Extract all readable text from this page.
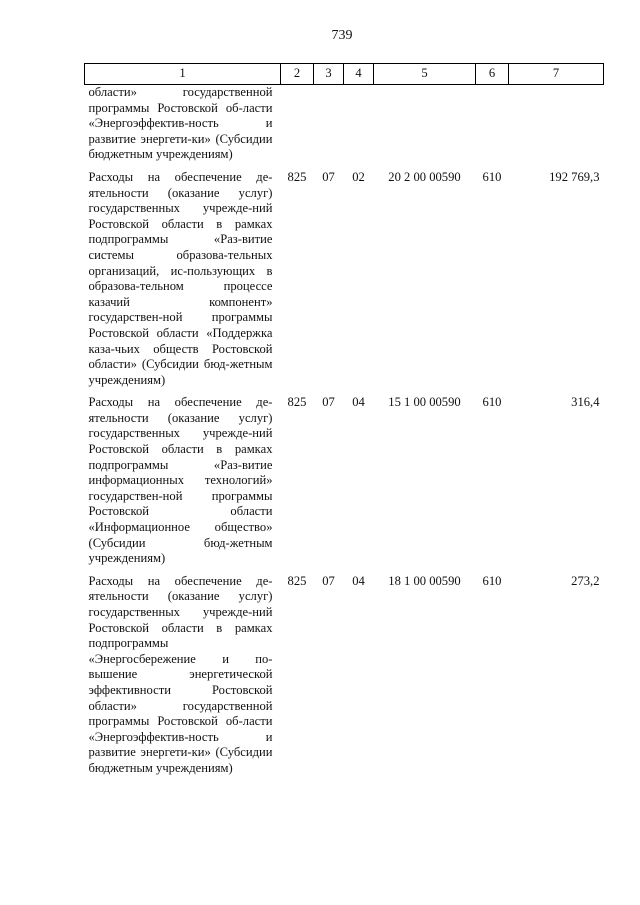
739
1	2	3	4	5	6	7
области» государственной программы Ростовской об-ласти «Энергоэффектив-ность и развитие энергети-ки» (Субсидии бюджетным учреждениям)						
Расходы на обеспечение де-ятельности (оказание услуг) государственных учрежде-ний Ростовской области в рамках подпрограммы «Раз-витие системы образова-тельных организаций, ис-пользующих в образова-тельном процессе казачий компонент» государствен-ной программы Ростовской области «Поддержка каза-чьих обществ Ростовской области» (Субсидии бюд-жетным учреждениям)	825	07	02	20 2 00 00590	610	192 769,3
Расходы на обеспечение де-ятельности (оказание услуг) государственных учрежде-ний Ростовской области в рамках подпрограммы «Раз-витие информационных технологий» государствен-ной программы Ростовской области «Информационное общество» (Субсидии бюд-жетным учреждениям)	825	07	04	15 1 00 00590	610	316,4
Расходы на обеспечение де-ятельности (оказание услуг) государственных учрежде-ний Ростовской области в рамках подпрограммы «Энергосбережение и по-вышение энергетической эффективности Ростовской области» государственной программы Ростовской об-ласти «Энергоэффектив-ность и развитие энергети-ки» (Субсидии бюджетным учреждениям)	825	07	04	18 1 00 00590	610	273,2
